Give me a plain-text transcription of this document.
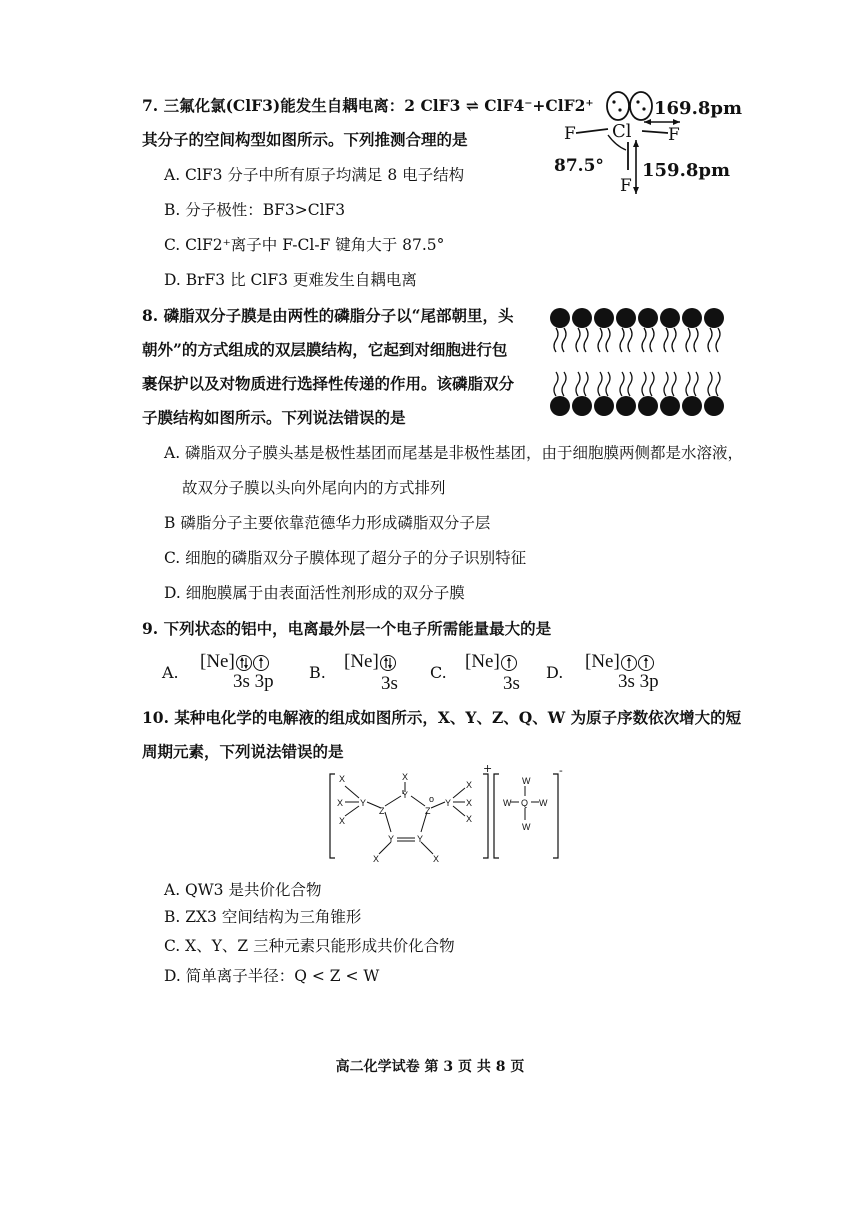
7. 三氟化氯(ClF3)能发生自耦电离：2 ClF3 ⇌ ClF4⁻+ClF2⁺
其分子的空间构型如图所示。下列推测合理的是
A. ClF3 分子中所有原子均满足 8 电子结构
B. 分子极性：BF3>ClF3
C. ClF2⁺离子中 F-Cl-F 键角大于 87.5°
D. BrF3 比 ClF3 更难发生自耦电离
F Cl F
F
169.8pm
159.8pm
87.5°
8. 磷脂双分子膜是由两性的磷脂分子以“尾部朝里，头
朝外”的方式组成的双层膜结构，它起到对细胞进行包
裹保护以及对物质进行选择性传递的作用。该磷脂双分
子膜结构如图所示。下列说法错误的是
A. 磷脂双分子膜头基是极性基团而尾基是非极性基团，由于细胞膜两侧都是水溶液，
故双分子膜以头向外尾向内的方式排列
B 磷脂分子主要依靠范德华力形成磷脂双分子层
C. 细胞的磷脂双分子膜体现了超分子的分子识别特征
D. 细胞膜属于由表面活性剂形成的双分子膜
9. 下列状态的铝中，电离最外层一个电子所需能量最大的是
A.
[Ne]
3s 3p B.
[Ne]
3s
C.
[Ne]
3s
D.
[Ne]
3s 3p
10. 某种电化学的电解液的组成如图所示，X、Y、Z、Q、W 为原子序数依次增大的短
周期元素，下列说法错误的是
X
X
X
Y
X
Y
Z	Z
o Y
X
X
X
Y	Y
X	X
W
W Q W
W
+	-
A. QW3 是共价化合物
B. ZX3 空间结构为三角锥形
C. X、Y、Z 三种元素只能形成共价化合物
D. 简单离子半径：Q < Z < W
高二化学试卷 第 3 页 共 8 页
